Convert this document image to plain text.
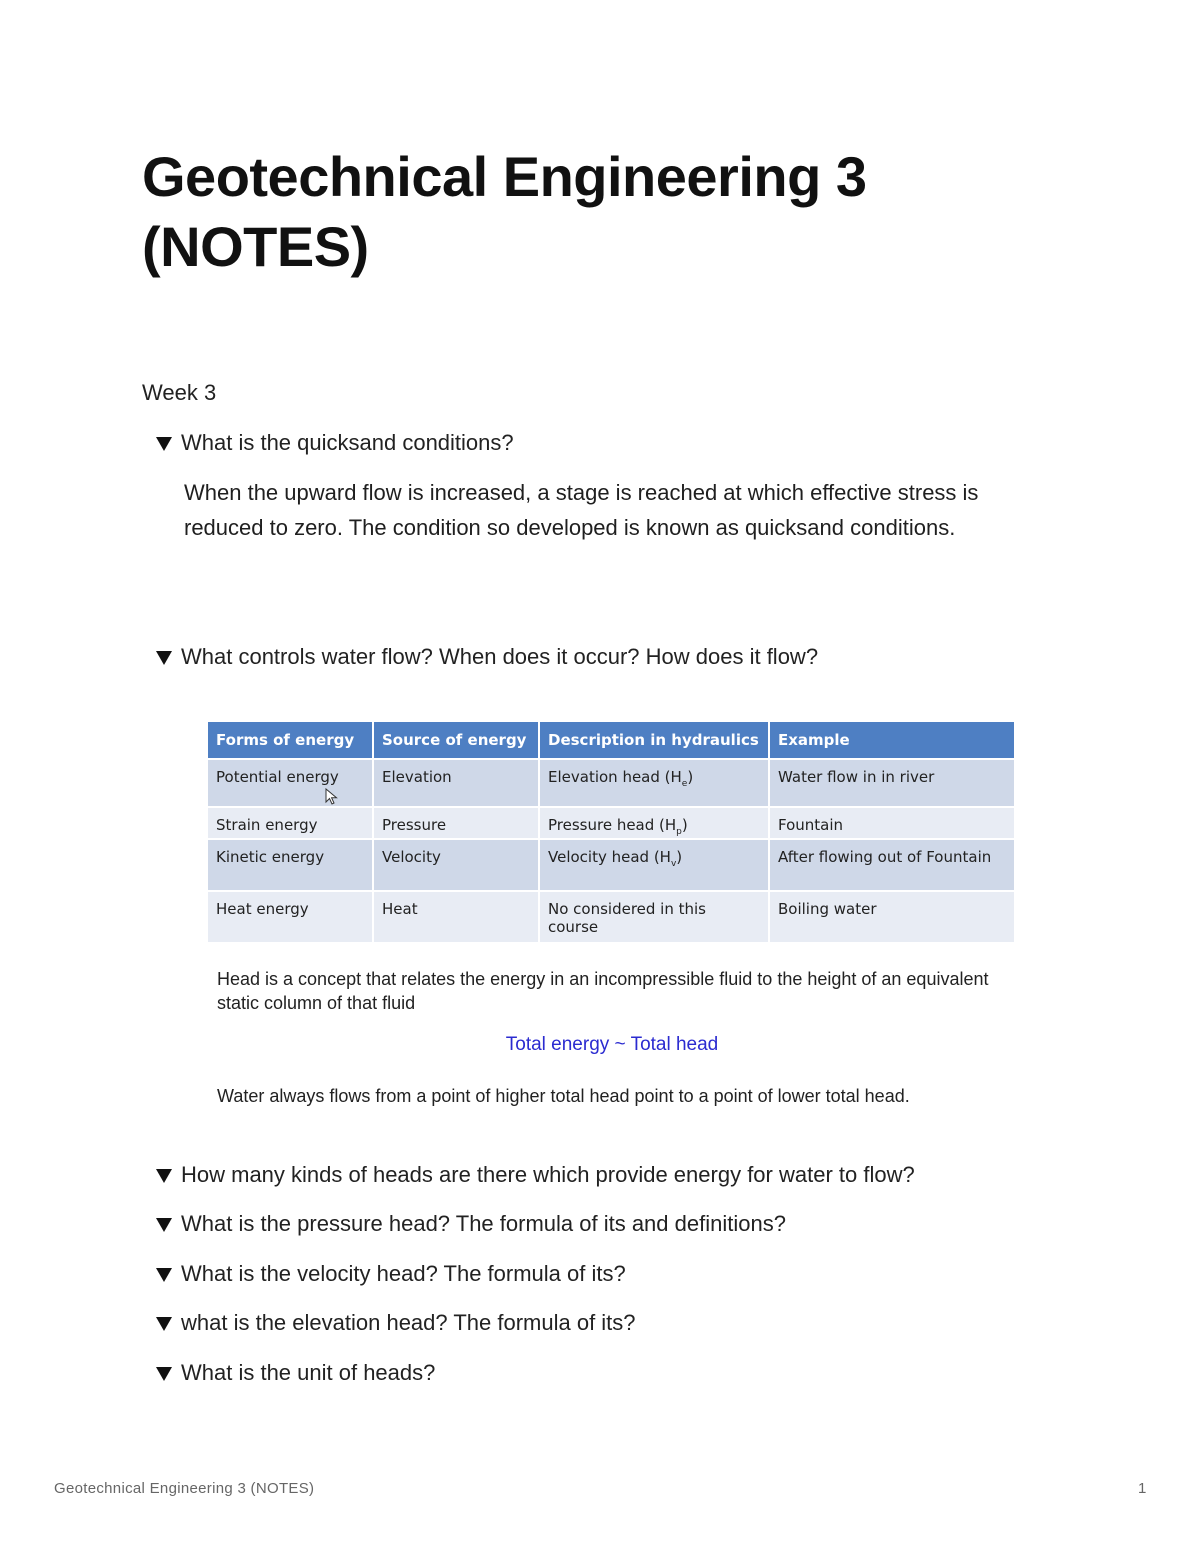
Geotechnical Engineering 3 (NOTES)
Week 3
What is the quicksand conditions?

When the upward flow is increased, a stage is reached at which effective stress is reduced to zero. The condition so developed is known as quicksand conditions.

What controls water flow? When does it occur? How does it flow?
Forms of energy	Source of energy	Description in hydraulics	Example
Potential energy	Elevation	Elevation head $(H_e)$	Water flow in in river
Strain energy	Pressure	Pressure head $(H_p)$	Fountain
Kinetic energy	Velocity	Velocity head $(H_v)$	After flowing out of Fountain
Heat energy	Heat	No considered in this course	Boiling water

Head is a concept that relates the energy in an incompressible fluid to the height of an equivalent static column of that fluid

Total energy ~ Total head
Water always flows from a point of higher total head point to a point of lower total head.
How many kinds of heads are there which provide energy for water to flow?
What is the pressure head? The formula of its and definitions?
What is the velocity head? The formula of its?
what is the elevation head? The formula of its?
What is the unit of heads?
Geotechnical Engineering 3 (NOTES)	1
